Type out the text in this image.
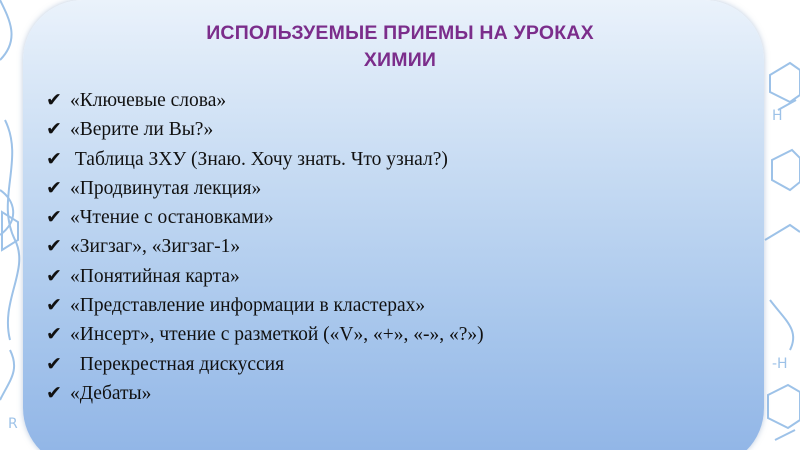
R
-H
H
ИСПОЛЬЗУЕМЫЕ ПРИЕМЫ НА УРОКАХ
ХИМИИ
✔ «Ключевые слова»
✔ «Верите ли Вы?»
✔ Таблица ЗХУ (Знаю. Хочу знать. Что узнал?)
✔ «Продвинутая лекция»
✔ «Чтение с остановками»
✔ «Зигзаг», «Зигзаг-1»
✔ «Понятийная карта»
✔ «Представление информации в кластерах»
✔ «Инсерт», чтение с разметкой («V», «+», «-», «?»)
✔ Перекрестная дискуссия
✔ «Дебаты»
